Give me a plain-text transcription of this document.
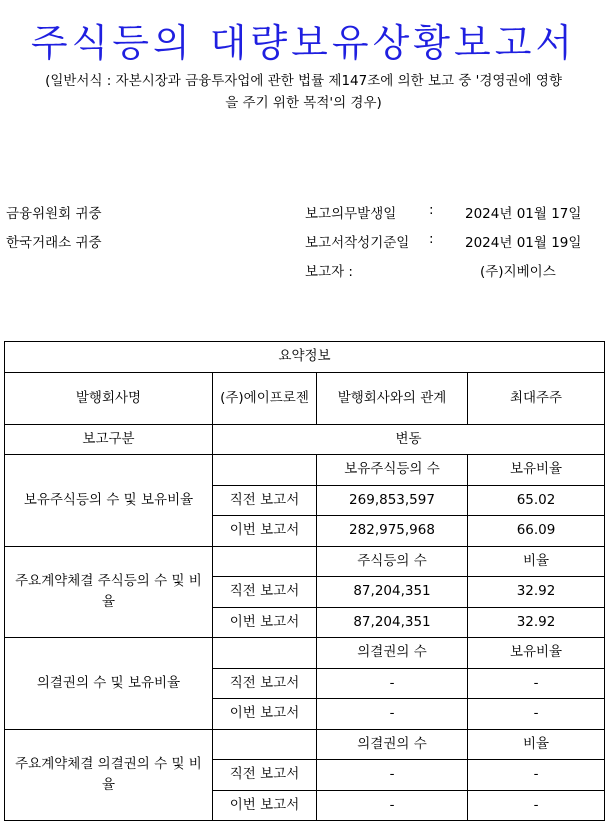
주식등의 대량보유상황보고서
(일반서식 : 자본시장과 금융투자업에 관한 법률 제147조에 의한 보고 중 '경영권에 영향
을 주기 위한 목적'의 경우)
금융위원회 귀중
한국거래소 귀중
보고의무발생일 : 2024년 01월 17일
보고서작성기준일 : 2024년 01월 19일
보고자 :	(주)지베이스
요약정보			
발행회사명	(주)에이프로젠	발행회사와의 관계	최대주주
보고구분	변동		
보유주식등의 수 및 보유비율		보유주식등의 수	보유비율
	직전 보고서	269,853,597	65.02
	이번 보고서	282,975,968	66.09
주요계약체결 주식등의 수 및 비율		주식등의 수	비율
	직전 보고서	87,204,351	32.92
	이번 보고서	87,204,351	32.92
의결권의 수 및 보유비율		의결권의 수	보유비율
	직전 보고서	-	-
	이번 보고서	-	-
주요계약체결 의결권의 수 및 비율		의결권의 수	비율
	직전 보고서	-	-
	이번 보고서	-	-
